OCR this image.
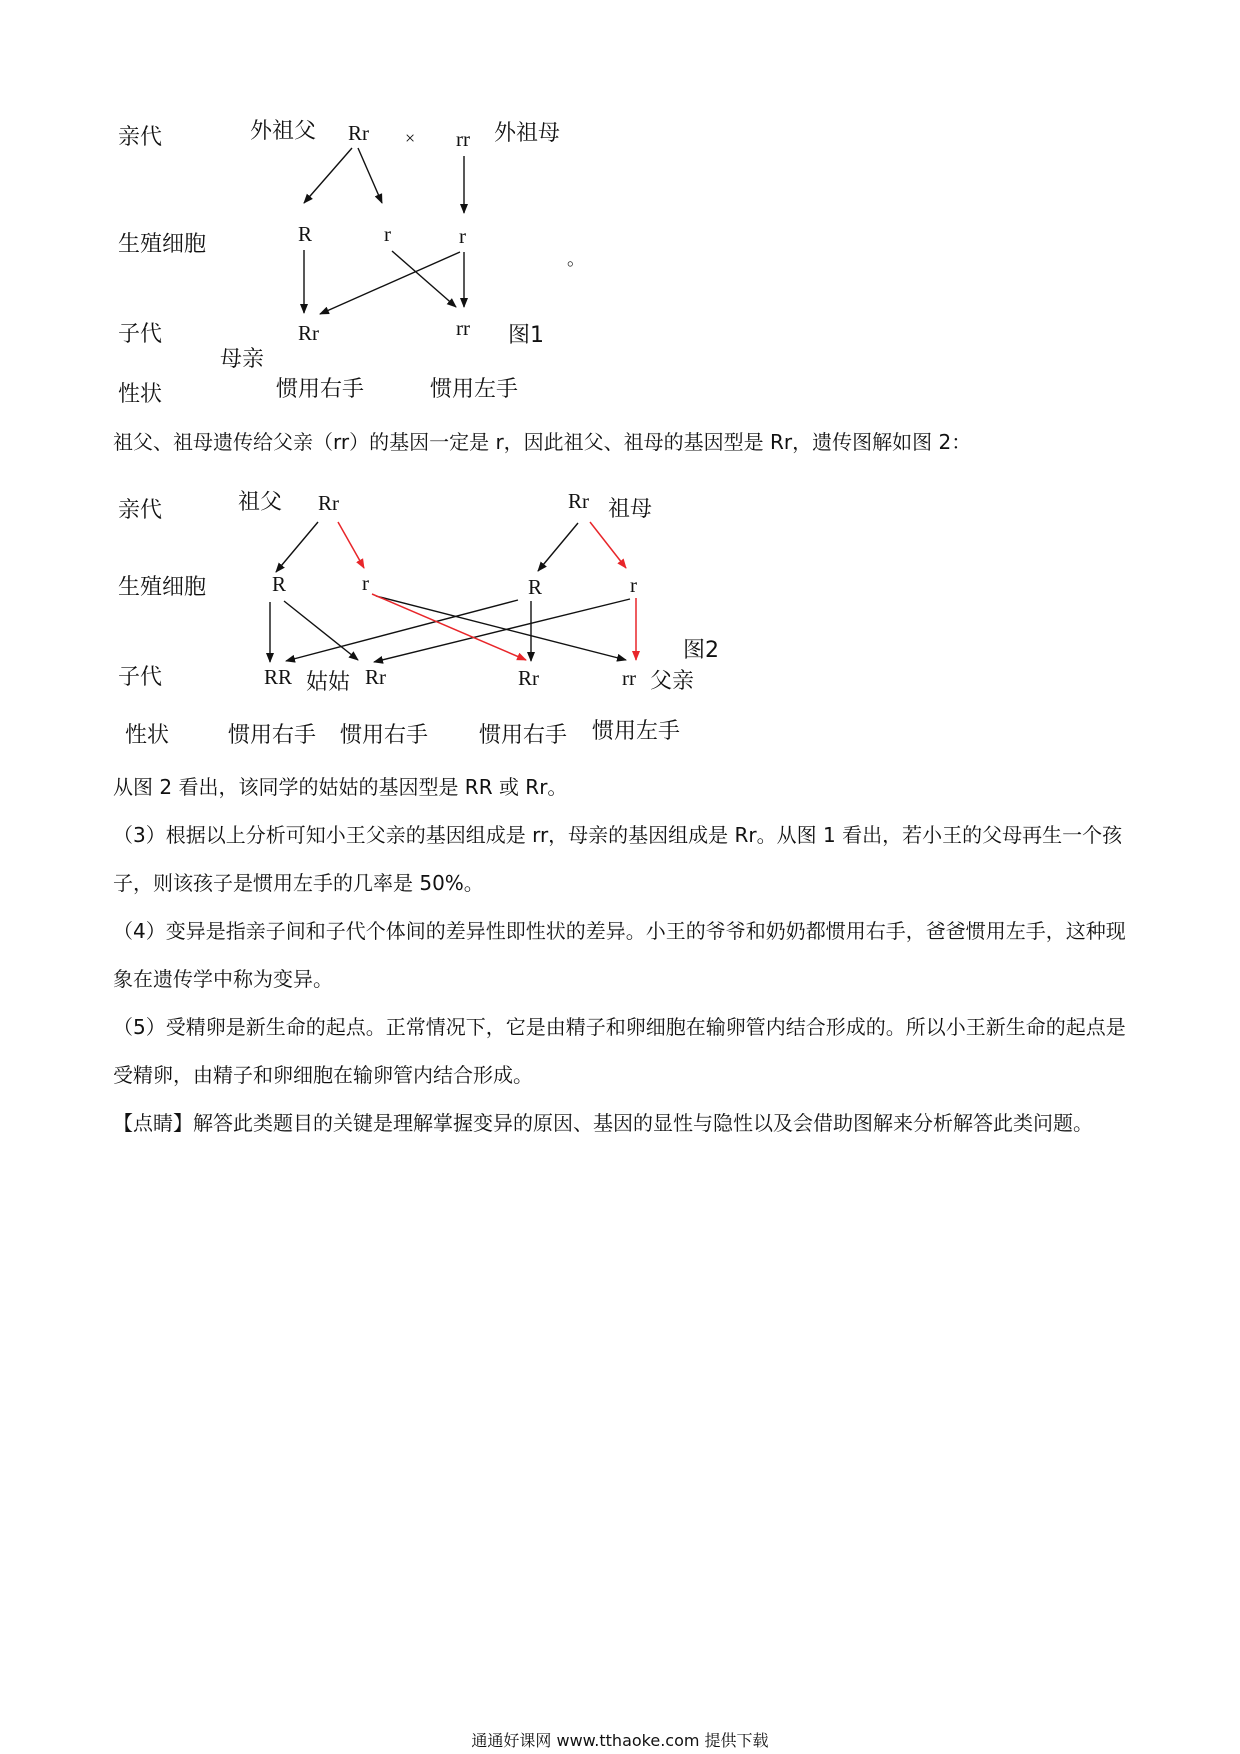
亲代
生殖细胞
子代
性状
外祖父 Rr × rr 外祖母
R	r	r
。
Rr	rr 图1
母亲
惯用右手	惯用左手
祖父、祖母遗传给父亲（rr）的基因一定是 r，因此祖父、祖母的基因型是 Rr，遗传图解如图 2：
亲代
生殖细胞
子代
性状
祖父 Rr	Rr 祖母
R	r	R	r
RR 姑姑 Rr	Rr	rr 父亲
图2
惯用右手 惯用右手 惯用右手 惯用左手
从图 2 看出，该同学的姑姑的基因型是 RR 或 Rr。
（3）根据以上分析可知小王父亲的基因组成是 rr，母亲的基因组成是 Rr。从图 1 看出，若小王的父母再生一个孩子，则该孩子是惯用左手的几率是 50%。
（4）变异是指亲子间和子代个体间的差异性即性状的差异。小王的爷爷和奶奶都惯用右手，爸爸惯用左手，这种现象在遗传学中称为变异。
（5）受精卵是新生命的起点。正常情况下，它是由精子和卵细胞在输卵管内结合形成的。所以小王新生命的起点是受精卵，由精子和卵细胞在输卵管内结合形成。
【点睛】解答此类题目的关键是理解掌握变异的原因、基因的显性与隐性以及会借助图解来分析解答此类问题。
通通好课网 www.tthaoke.com 提供下载
